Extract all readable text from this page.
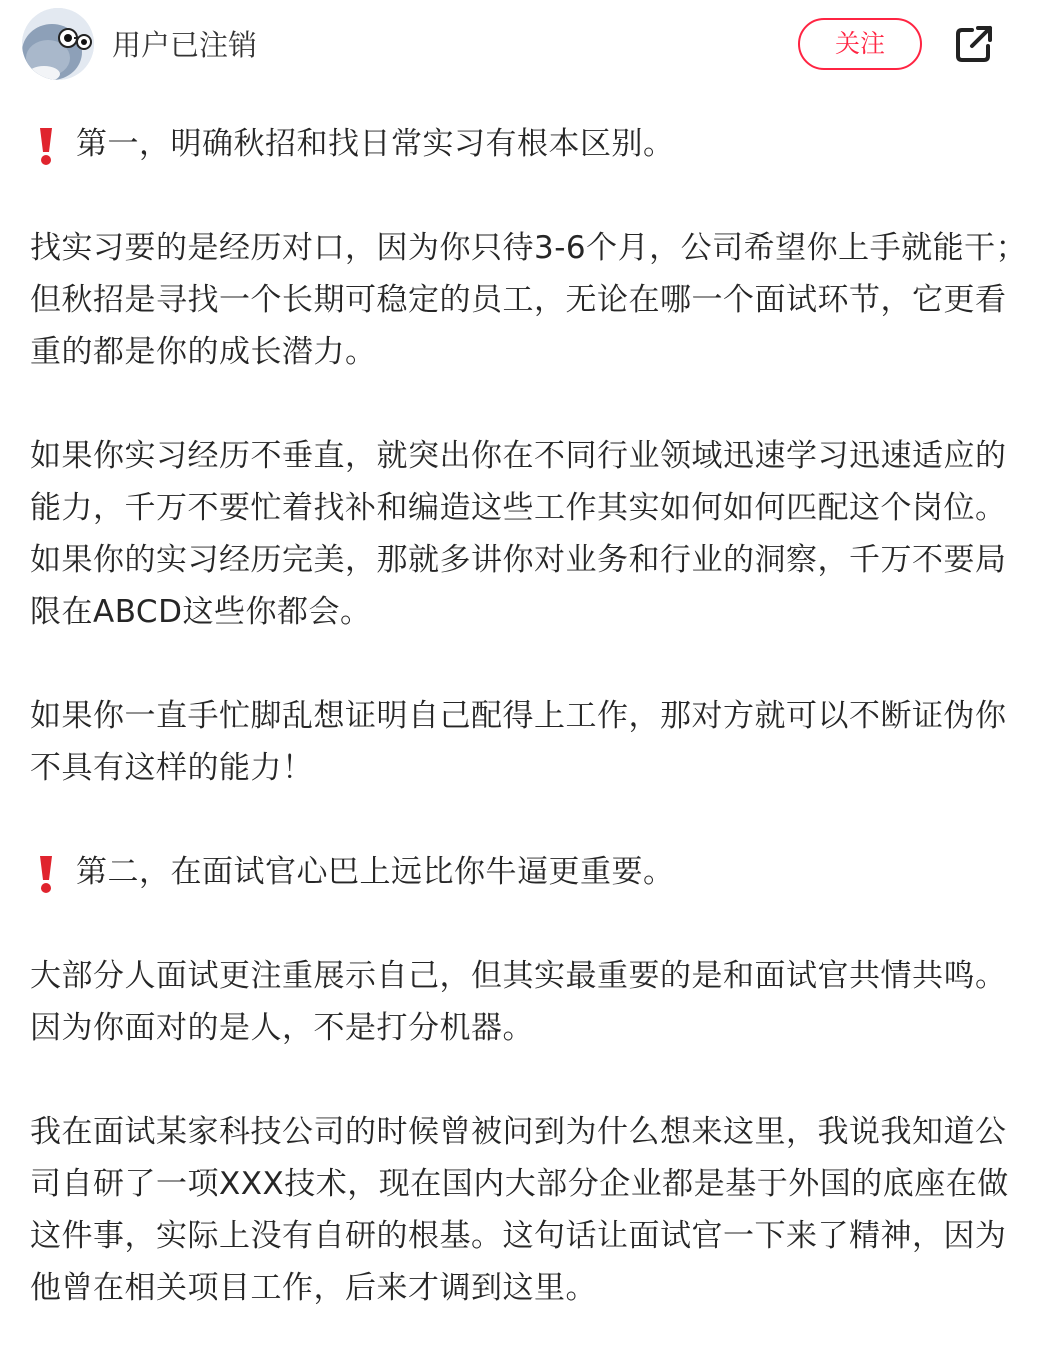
用户已注销	关注

第一，明确秋招和找日常实习有根本区别。

找实习要的是经历对口，因为你只待3-6个月，公司希望你上手就能干；但秋招是寻找一个长期可稳定的员工，无论在哪一个面试环节，它更看重的都是你的成长潜力。

如果你实习经历不垂直，就突出你在不同行业领域迅速学习迅速适应的能力，千万不要忙着找补和编造这些工作其实如何如何匹配这个岗位。如果你的实习经历完美，那就多讲你对业务和行业的洞察，千万不要局限在ABCD这些你都会。

如果你一直手忙脚乱想证明自己配得上工作，那对方就可以不断证伪你不具有这样的能力！

第二，在面试官心巴上远比你牛逼更重要。

大部分人面试更注重展示自己，但其实最重要的是和面试官共情共鸣。因为你面对的是人，不是打分机器。

我在面试某家科技公司的时候曾被问到为什么想来这里，我说我知道公司自研了一项XXX技术，现在国内大部分企业都是基于外国的底座在做这件事，实际上没有自研的根基。这句话让面试官一下来了精神，因为他曾在相关项目工作，后来才调到这里。
